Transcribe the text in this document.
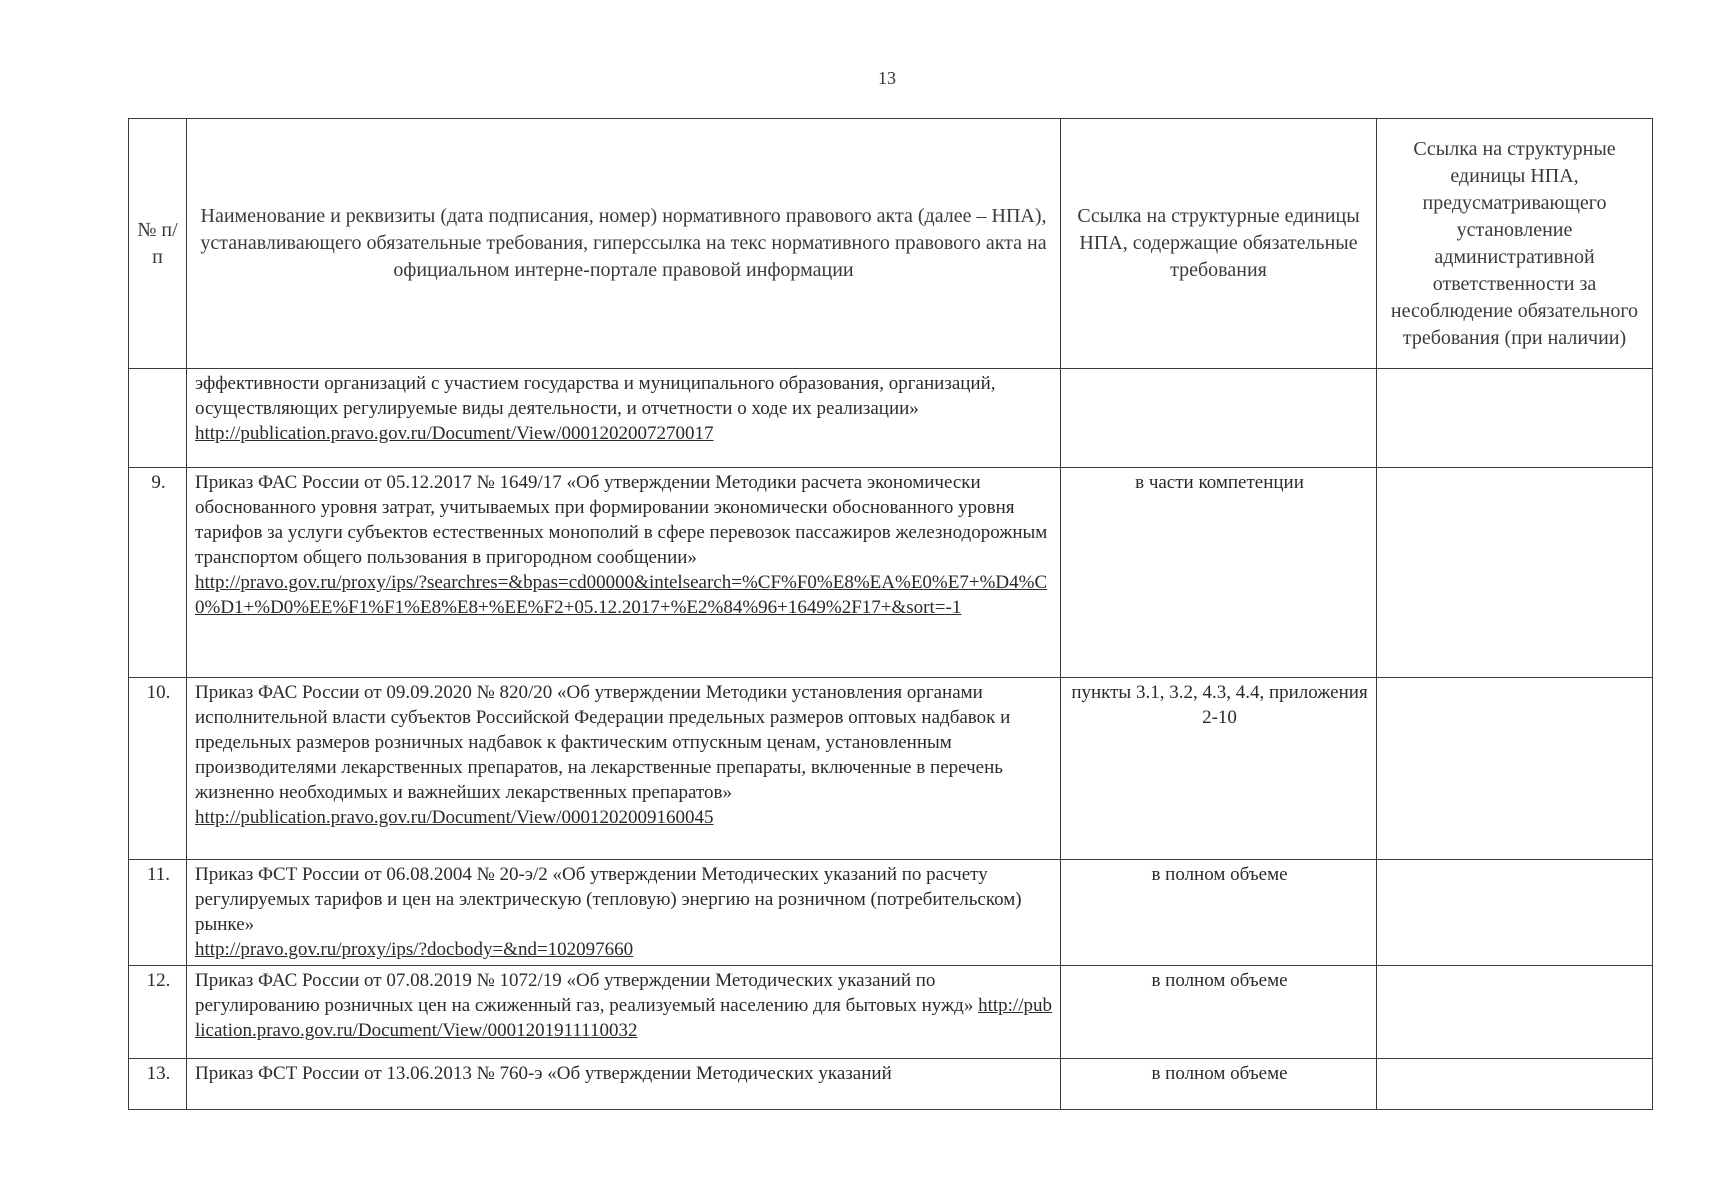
13
№ п/п	Наименование и реквизиты (дата подписания, номер) нормативного правового акта (далее – НПА), устанавливающего обязательные требования, гиперссылка на текс нормативного правового акта на официальном интерне-портале правовой информации	Ссылка на структурные единицы НПА, содержащие обязательные требования	Ссылка на структурные единицы НПА, предусматривающего установление административной ответственности за несоблюдение обязательного требования (при наличии)

	эффективности организаций с участием государства и муниципального образования, организаций, осуществляющих регулируемые виды деятельности, и отчетности о ходе их реализации»
http://publication.pravo.gov.ru/Document/View/0001202007270017		
9.	Приказ ФАС России от 05.12.2017 № 1649/17 «Об утверждении Методики расчета экономически обоснованного уровня затрат, учитываемых при формировании экономически обоснованного уровня тарифов за услуги субъектов естественных монополий в сфере перевозок пассажиров железнодорожным транспортом общего пользования в пригородном сообщении»
http://pravo.gov.ru/proxy/ips/?searchres=&bpas=cd00000&intelsearch=%CF%F0%E8%EA%E0%E7+%D4%C0%D1+%D0%EE%F1%F1%E8%E8+%EE%F2+05.12.2017+%E2%84%96+1649%2F17+&sort=-1	в части компетенции	
10.	Приказ ФАС России от 09.09.2020 № 820/20 «Об утверждении Методики установления органами исполнительной власти субъектов Российской Федерации предельных размеров оптовых надбавок и предельных размеров розничных надбавок к фактическим отпускным ценам, установленным производителями лекарственных препаратов, на лекарственные препараты, включенные в перечень жизненно необходимых и важнейших лекарственных препаратов»
http://publication.pravo.gov.ru/Document/View/0001202009160045	пункты 3.1, 3.2, 4.3, 4.4, приложения 2-10	
11.	Приказ ФСТ России от 06.08.2004 № 20-э/2 «Об утверждении Методических указаний по расчету регулируемых тарифов и цен на электрическую (тепловую) энергию на розничном (потребительском) рынке»
http://pravo.gov.ru/proxy/ips/?docbody=&nd=102097660	в полном объеме	
12.	Приказ ФАС России от 07.08.2019 № 1072/19 «Об утверждении Методических указаний по регулированию розничных цен на сжиженный газ, реализуемый населению для бытовых нужд» http://publication.pravo.gov.ru/Document/View/0001201911110032	в полном объеме	
13.	Приказ ФСТ России от 13.06.2013 № 760-э «Об утверждении Методических указаний	в полном объеме	
